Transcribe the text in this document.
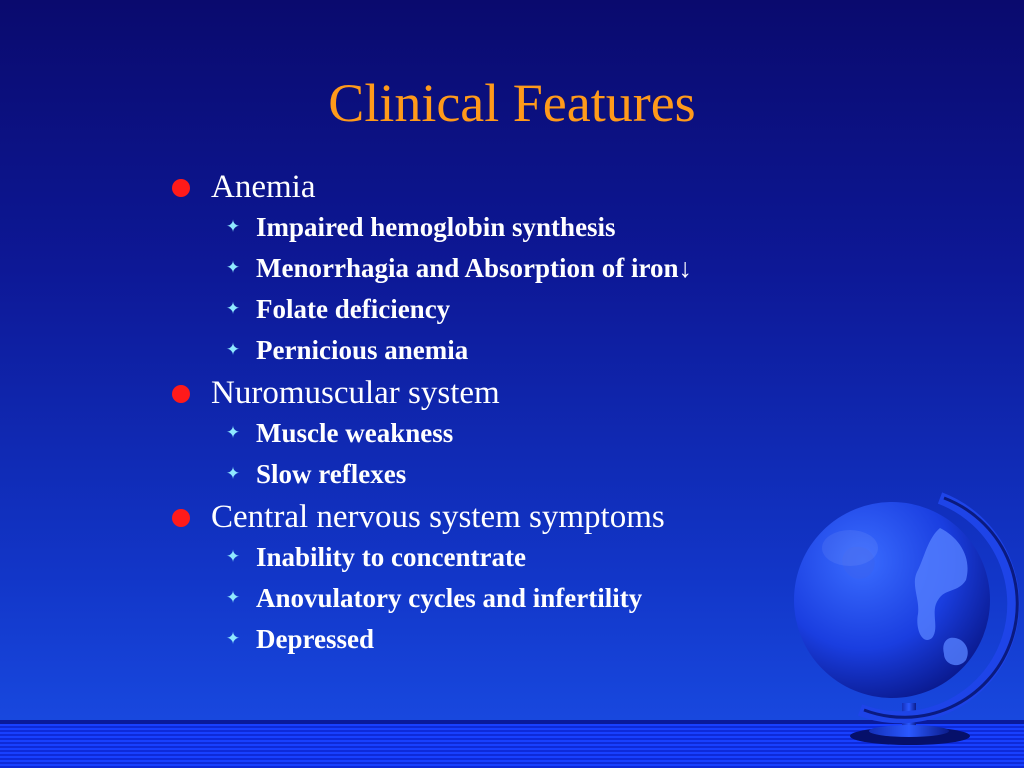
Clinical Features
Anemia
✦ Impaired hemoglobin synthesis
✦ Menorrhagia and Absorption of iron↓
✦ Folate deficiency
✦ Pernicious anemia
Nuromuscular system
✦ Muscle weakness
✦ Slow reflexes
Central nervous system symptoms
✦ Inability to concentrate
✦ Anovulatory cycles and infertility
✦ Depressed
